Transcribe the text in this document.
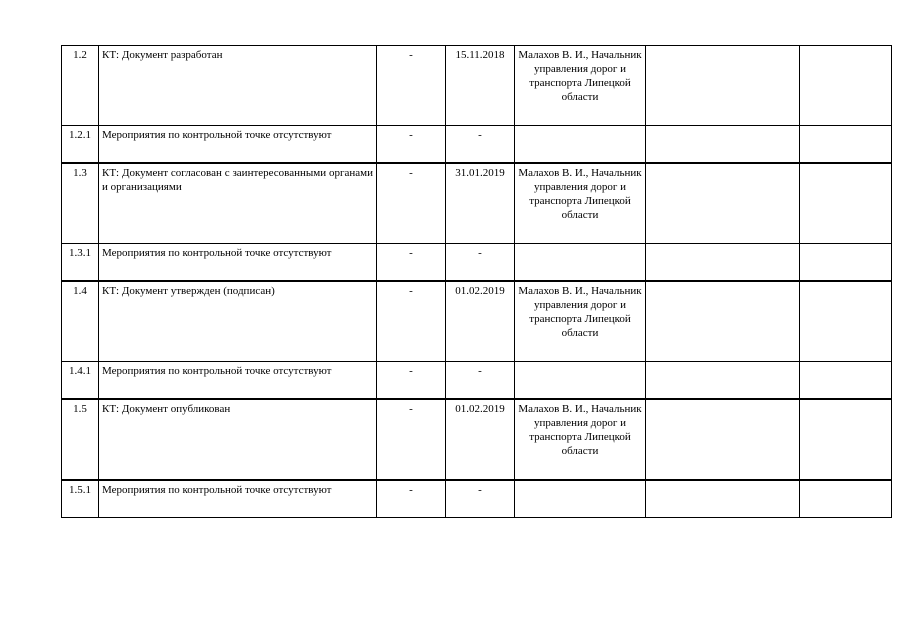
1.2	КТ: Документ разработан	-	15.11.2018	Малахов В. И., Начальник управления дорог и транспорта Липецкой области		
1.2.1	Мероприятия по контрольной точке отсутствуют	-	-			
1.3	КТ: Документ согласован с заинтересованными органами и организациями	-	31.01.2019	Малахов В. И., Начальник управления дорог и транспорта Липецкой области		
1.3.1	Мероприятия по контрольной точке отсутствуют	-	-			
1.4	КТ: Документ утвержден (подписан)	-	01.02.2019	Малахов В. И., Начальник управления дорог и транспорта Липецкой области		
1.4.1	Мероприятия по контрольной точке отсутствуют	-	-			
1.5	КТ: Документ опубликован	-	01.02.2019	Малахов В. И., Начальник управления дорог и транспорта Липецкой области		
1.5.1	Мероприятия по контрольной точке отсутствуют	-	-			
